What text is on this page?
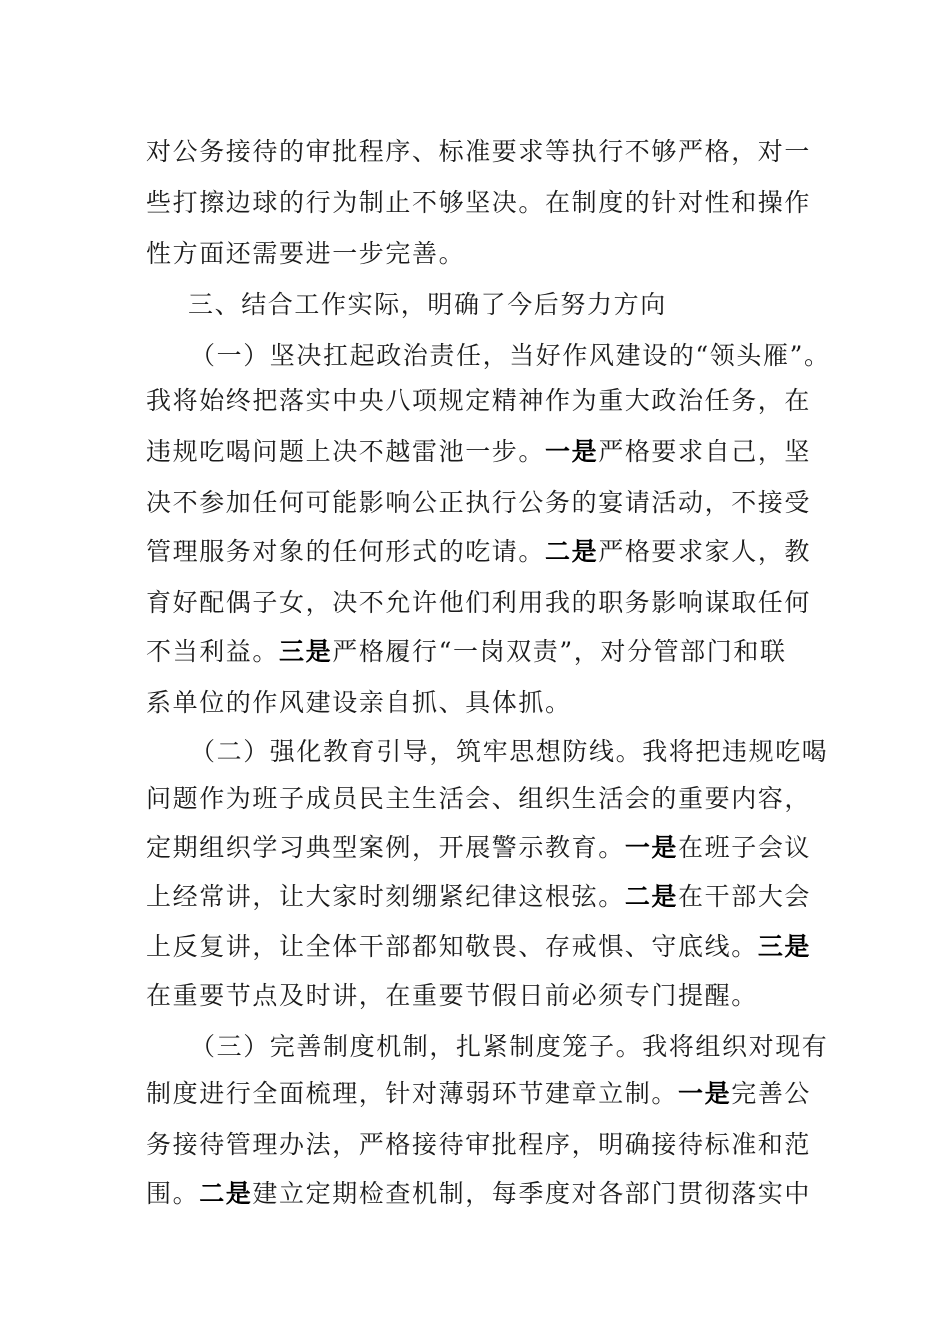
对公务接待的审批程序、标准要求等执行不够严格，对一
些打擦边球的行为制止不够坚决。在制度的针对性和操作
性方面还需要进一步完善。
三、结合工作实际，明确了今后努力方向
（一）坚决扛起政治责任，当好作风建设的“领头雁”。
我将始终把落实中央八项规定精神作为重大政治任务，在
违规吃喝问题上决不越雷池一步。一是严格要求自己，坚
决不参加任何可能影响公正执行公务的宴请活动，不接受
管理服务对象的任何形式的吃请。二是严格要求家人，教
育好配偶子女，决不允许他们利用我的职务影响谋取任何
不当利益。三是严格履行“一岗双责”，对分管部门和联
系单位的作风建设亲自抓、具体抓。
（二）强化教育引导，筑牢思想防线。我将把违规吃喝
问题作为班子成员民主生活会、组织生活会的重要内容，
定期组织学习典型案例，开展警示教育。一是在班子会议
上经常讲，让大家时刻绷紧纪律这根弦。二是在干部大会
上反复讲，让全体干部都知敬畏、存戒惧、守底线。三是
在重要节点及时讲，在重要节假日前必须专门提醒。
（三）完善制度机制，扎紧制度笼子。我将组织对现有
制度进行全面梳理，针对薄弱环节建章立制。一是完善公
务接待管理办法，严格接待审批程序，明确接待标准和范
围。二是建立定期检查机制，每季度对各部门贯彻落实中
